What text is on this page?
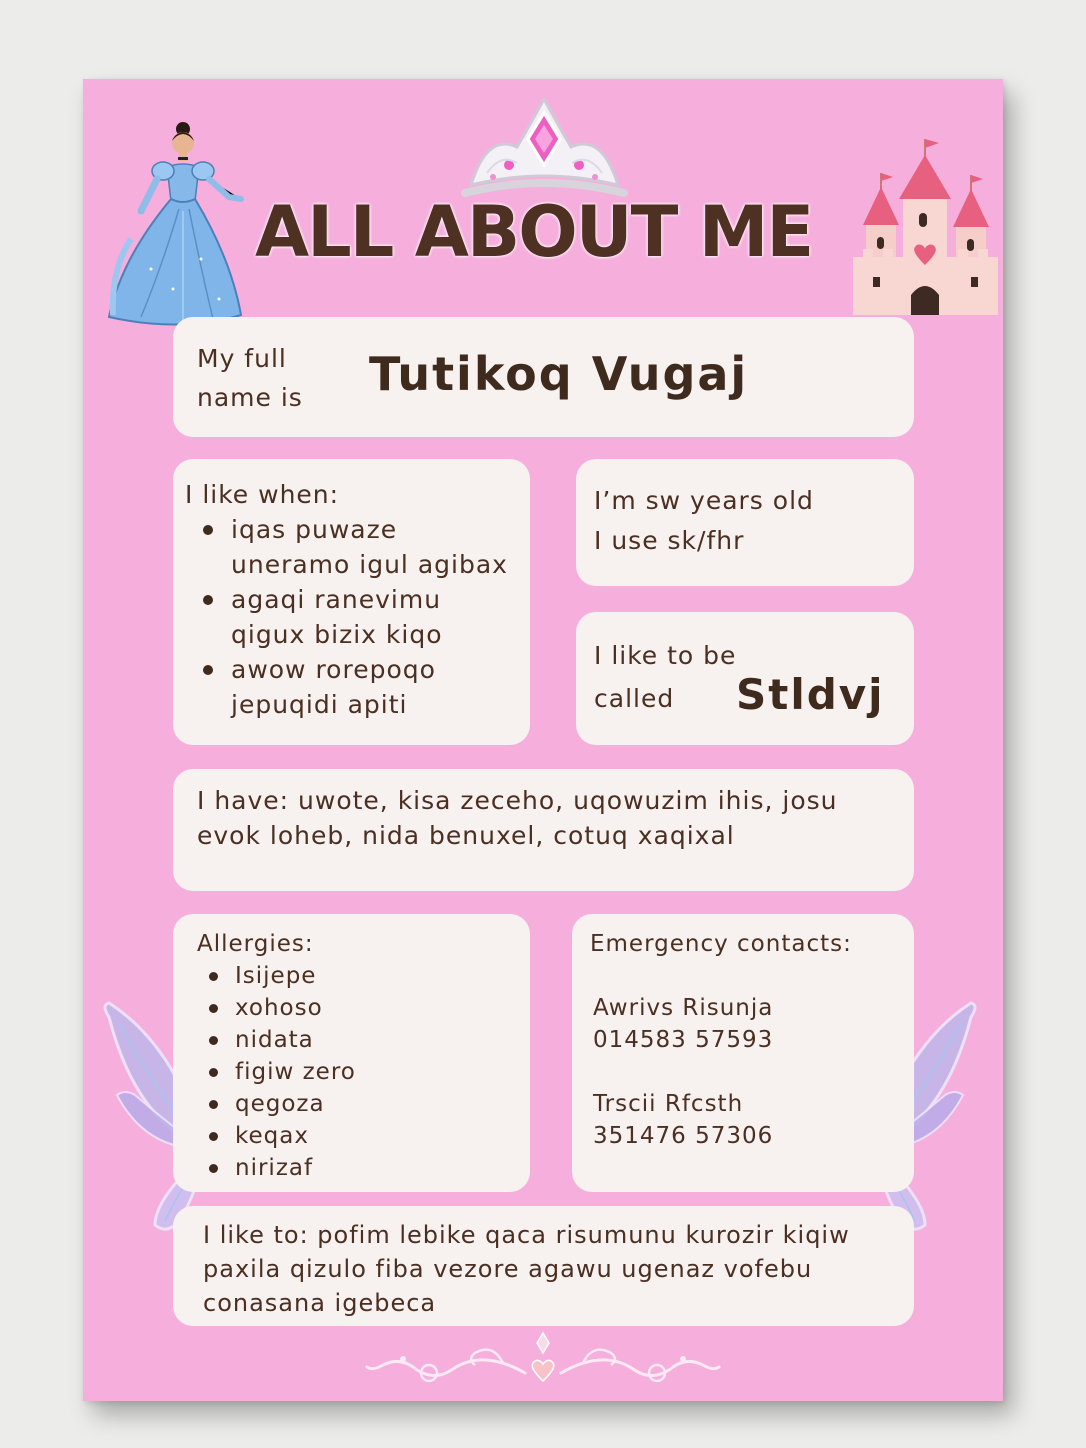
ALL ABOUT ME
My full
name is Tutikoq Vugaj
I like when:
iqas puwaze
uneramo igul agibax
agaqi ranevimu
qigux bizix kiqo
awow rorepoqo
jepuqidi apiti
I’m sw years old
I use sk/fhr
I like to be
called	Stldvj
I have: uwote, kisa zeceho, uqowuzim ihis, josu
evok loheb, nida benuxel, cotuq xaqixal
Allergies:
Isijepe
xohoso
nidata
figiw zero
qegoza
keqax
nirizaf
Emergency contacts:
Awrivs Risunja
014583 57593
Trscii Rfcsth
351476 57306
I like to: pofim lebike qaca risumunu kurozir kiqiw
paxila qizulo fiba vezore agawu ugenaz vofebu
conasana igebeca
